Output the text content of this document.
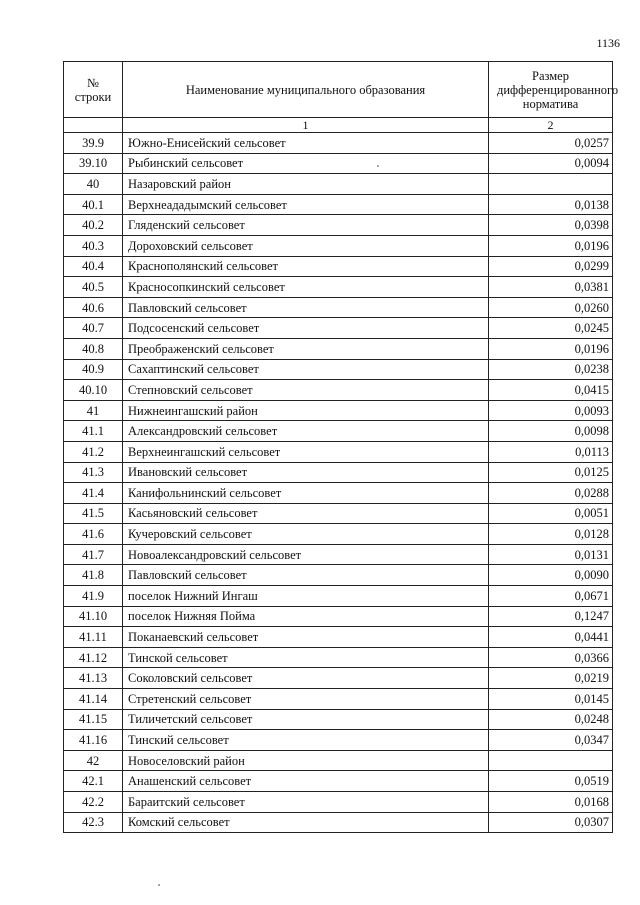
1136
№ строки	Наименование муниципального образования	Размер дифференцированного норматива
	1	2
39.9	Южно-Енисейский сельсовет	0,0257
39.10	Рыбинский сельсовет	0,0094
40	Назаровский район	
40.1	Верхнеададымский сельсовет	0,0138
40.2	Гляденский сельсовет	0,0398
40.3	Дороховский сельсовет	0,0196
40.4	Краснополянский сельсовет	0,0299
40.5	Красносопкинский сельсовет	0,0381
40.6	Павловский сельсовет	0,0260
40.7	Подсосенский сельсовет	0,0245
40.8	Преображенский сельсовет	0,0196
40.9	Сахаптинский сельсовет	0,0238
40.10	Степновский сельсовет	0,0415
41	Нижнеингашский район	0,0093
41.1	Александровский сельсовет	0,0098
41.2	Верхнеингашский сельсовет	0,0113
41.3	Ивановский сельсовет	0,0125
41.4	Канифольнинский сельсовет	0,0288
41.5	Касьяновский сельсовет	0,0051
41.6	Кучеровский сельсовет	0,0128
41.7	Новоалександровский сельсовет	0,0131
41.8	Павловский сельсовет	0,0090
41.9	поселок Нижний Ингаш	0,0671
41.10	поселок Нижняя Пойма	0,1247
41.11	Поканаевский сельсовет	0,0441
41.12	Тинской сельсовет	0,0366
41.13	Соколовский сельсовет	0,0219
41.14	Стретенский сельсовет	0,0145
41.15	Тиличетский сельсовет	0,0248
41.16	Тинский сельсовет	0,0347
42	Новоселовский район	
42.1	Анашенский сельсовет	0,0519
42.2	Бараитский сельсовет	0,0168
42.3	Комский сельсовет	0,0307
